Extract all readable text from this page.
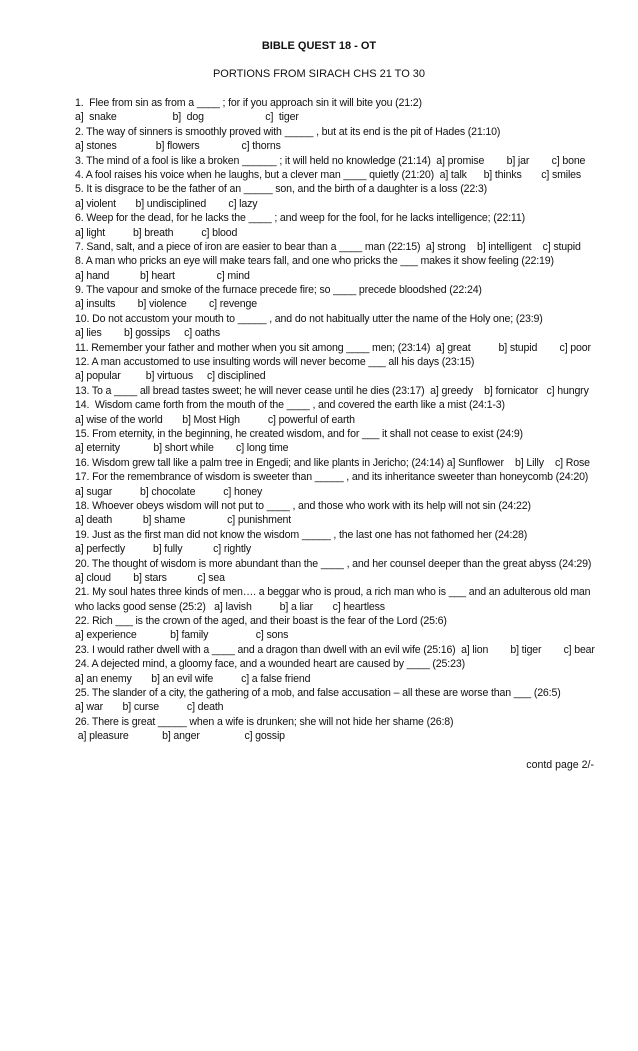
BIBLE QUEST 18 - OT
PORTIONS FROM SIRACH CHS 21 TO 30
1.  Flee from sin as from a ____ ; for if you approach sin it will bite you (21:2)
a]  snake                    b]  dog                      c]  tiger
2. The way of sinners is smoothly proved with _____ , but at its end is the pit of Hades (21:10)
a] stones              b] flowers               c] thorns
3. The mind of a fool is like a broken ______ ; it will held no knowledge (21:14)  a] promise        b] jar        c] bone
4. A fool raises his voice when he laughs, but a clever man ____ quietly (21:20)  a] talk      b] thinks       c] smiles
5. It is disgrace to be the father of an _____ son, and the birth of a daughter is a loss (22:3)
a] violent       b] undisciplined        c] lazy
6. Weep for the dead, for he lacks the ____ ; and weep for the fool, for he lacks intelligence; (22:11)
a] light          b] breath          c] blood
7. Sand, salt, and a piece of iron are easier to bear than a ____ man (22:15)  a] strong    b] intelligent    c] stupid
8. A man who pricks an eye will make tears fall, and one who pricks the ___ makes it show feeling (22:19)
a] hand           b] heart               c] mind
9. The vapour and smoke of the furnace precede fire; so ____ precede bloodshed (22:24)
a] insults        b] violence        c] revenge
10. Do not accustom your mouth to _____ , and do not habitually utter the name of the Holy one; (23:9)
a] lies        b] gossips     c] oaths
11. Remember your father and mother when you sit among ____ men; (23:14)  a] great          b] stupid        c] poor
12. A man accustomed to use insulting words will never become ___ all his days (23:15)
a] popular         b] virtuous     c] disciplined
13. To a ____ all bread tastes sweet; he will never cease until he dies (23:17)  a] greedy    b] fornicator   c] hungry
14.  Wisdom came forth from the mouth of the ____ , and covered the earth like a mist (24:1-3)
a] wise of the world       b] Most High          c] powerful of earth
15. From eternity, in the beginning, he created wisdom, and for ___ it shall not cease to exist (24:9)
a] eternity            b] short while        c] long time
16. Wisdom grew tall like a palm tree in Engedi; and like plants in Jericho; (24:14) a] Sunflower    b] Lilly    c] Rose
17. For the remembrance of wisdom is sweeter than _____ , and its inheritance sweeter than honeycomb (24:20)
a] sugar          b] chocolate          c] honey
18. Whoever obeys wisdom will not put to ____ , and those who work with its help will not sin (24:22)
a] death           b] shame               c] punishment
19. Just as the first man did not know the wisdom _____ , the last one has not fathomed her (24:28)
a] perfectly          b] fully           c] rightly
20. The thought of wisdom is more abundant than the ____ , and her counsel deeper than the great abyss (24:29)
a] cloud        b] stars           c] sea
21. My soul hates three kinds of men…. a beggar who is proud, a rich man who is ___ and an adulterous old man
who lacks good sense (25:2)   a] lavish          b] a liar       c] heartless
22. Rich ___ is the crown of the aged, and their boast is the fear of the Lord (25:6)
a] experience            b] family                 c] sons
23. I would rather dwell with a ____ and a dragon than dwell with an evil wife (25:16)  a] lion        b] tiger        c] bear
24. A dejected mind, a gloomy face, and a wounded heart are caused by ____ (25:23)
a] an enemy       b] an evil wife          c] a false friend
25. The slander of a city, the gathering of a mob, and false accusation – all these are worse than ___ (26:5)
a] war       b] curse          c] death
26. There is great _____ when a wife is drunken; she will not hide her shame (26:8)
a] pleasure            b] anger                c] gossip
contd page 2/-
